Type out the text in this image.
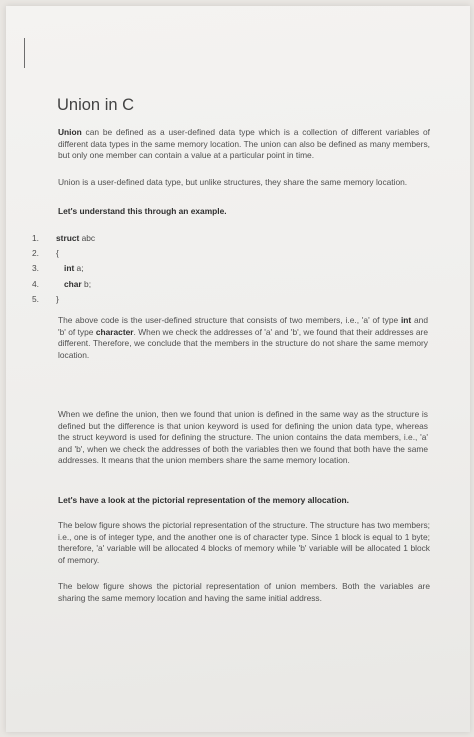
Union in C

Union can be defined as a user-defined data type which is a collection of different variables of different data types in the same memory location. The union can also be defined as many members, but only one member can contain a value at a particular point in time.

Union is a user-defined data type, but unlike structures, they share the same memory location.

Let's understand this through an example.

1. struct abc
2. {
3.	int a;
4.	char b;
5. }

The above code is the user-defined structure that consists of two members, i.e., 'a' of type int and 'b' of type character. When we check the addresses of 'a' and 'b', we found that their addresses are different. Therefore, we conclude that the members in the structure do not share the same memory location.

When we define the union, then we found that union is defined in the same way as the structure is defined but the difference is that union keyword is used for defining the union data type, whereas the struct keyword is used for defining the structure. The union contains the data members, i.e., 'a' and 'b', when we check the addresses of both the variables then we found that both have the same addresses. It means that the union members share the same memory location.

Let's have a look at the pictorial representation of the memory allocation.

The below figure shows the pictorial representation of the structure. The structure has two members; i.e., one is of integer type, and the another one is of character type. Since 1 block is equal to 1 byte; therefore, 'a' variable will be allocated 4 blocks of memory while 'b' variable will be allocated 1 block of memory.

The below figure shows the pictorial representation of union members. Both the variables are sharing the same memory location and having the same initial address.
